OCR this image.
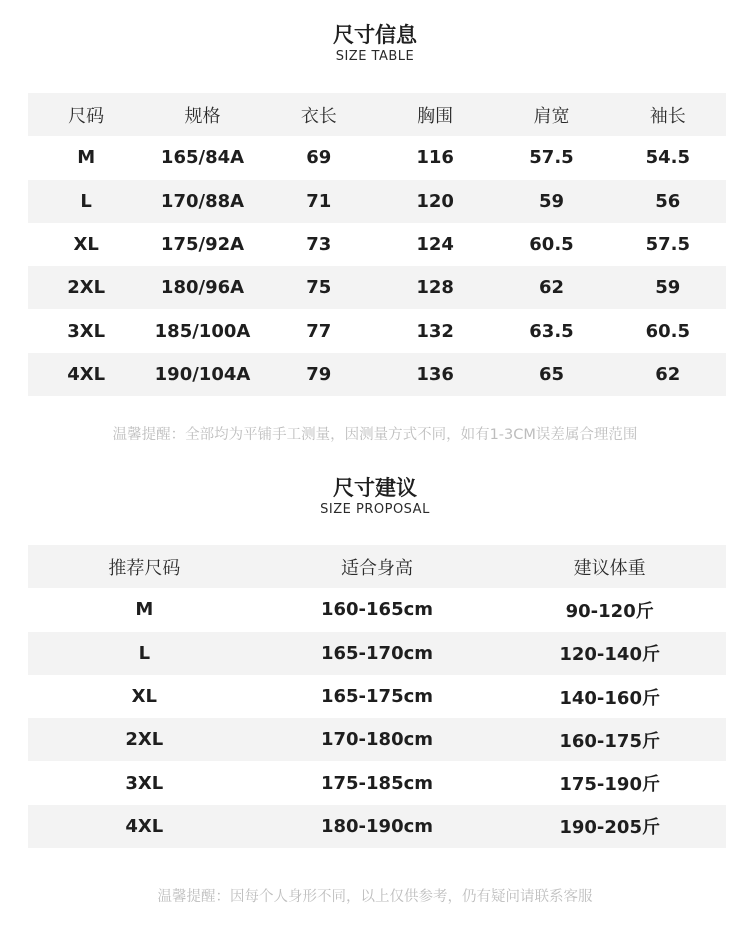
尺寸信息
SIZE TABLE
尺码	规格	衣长	胸围	肩宽	袖长
M	165/84A	69	116	57.5	54.5
L	170/88A	71	120	59	56
XL	175/92A	73	124	60.5	57.5
2XL	180/96A	75	128	62	59
3XL	185/100A	77	132	63.5	60.5
4XL	190/104A	79	136	65	62

温馨提醒：全部均为平铺手工测量，因测量方式不同，如有1-3CM误差属合理范围

尺寸建议
SIZE PROPOSAL
推荐尺码	适合身高	建议体重
M	160-165cm	90-120斤
L	165-170cm	120-140斤
XL	165-175cm	140-160斤
2XL	170-180cm	160-175斤
3XL	175-185cm	175-190斤
4XL	180-190cm	190-205斤

温馨提醒：因每个人身形不同，以上仅供参考，仍有疑问请联系客服
